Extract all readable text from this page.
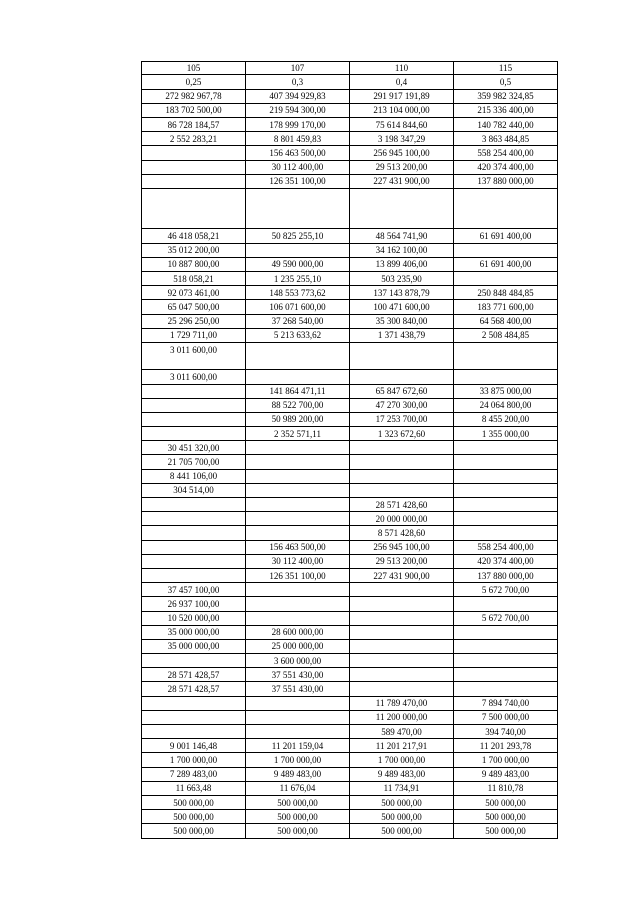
105	107	110	115
0,25	0,3	0,4	0,5
272 982 967,78	407 394 929,83	291 917 191,89	359 982 324,85
183 702 500,00	219 594 300,00	213 104 000,00	215 336 400,00
86 728 184,57	178 999 170,00	75 614 844,60	140 782 440,00
2 552 283,21	8 801 459,83	3 198 347,29	3 863 484,85
	156 463 500,00	256 945 100,00	558 254 400,00
	30 112 400,00	29 513 200,00	420 374 400,00
	126 351 100,00	227 431 900,00	137 880 000,00

46 418 058,21	50 825 255,10	48 564 741,90	61 691 400,00
35 012 200,00		34 162 100,00	
10 887 800,00	49 590 000,00	13 899 406,00	61 691 400,00
518 058,21	1 235 255,10	503 235,90	
92 073 461,00	148 553 773,62	137 143 878,79	250 848 484,85
65 047 500,00	106 071 600,00	100 471 600,00	183 771 600,00
25 296 250,00	37 268 540,00	35 300 840,00	64 568 400,00
1 729 711,00	5 213 633,62	1 371 438,79	2 508 484,85
3 011 600,00			

3 011 600,00			
	141 864 471,11	65 847 672,60	33 875 000,00
	88 522 700,00	47 270 300,00	24 064 800,00
	50 989 200,00	17 253 700,00	8 455 200,00
	2 352 571,11	1 323 672,60	1 355 000,00
30 451 320,00			
21 705 700,00			
8 441 106,00			
304 514,00			
		28 571 428,60	
		20 000 000,00	
		8 571 428,60	
	156 463 500,00	256 945 100,00	558 254 400,00
	30 112 400,00	29 513 200,00	420 374 400,00
	126 351 100,00	227 431 900,00	137 880 000,00
37 457 100,00			5 672 700,00
26 937 100,00			
10 520 000,00			5 672 700,00
35 000 000,00	28 600 000,00		
35 000 000,00	25 000 000,00		
	3 600 000,00		
28 571 428,57	37 551 430,00		
28 571 428,57	37 551 430,00		
		11 789 470,00	7 894 740,00
		11 200 000,00	7 500 000,00
		589 470,00	394 740,00
9 001 146,48	11 201 159,04	11 201 217,91	11 201 293,78
1 700 000,00	1 700 000,00	1 700 000,00	1 700 000,00
7 289 483,00	9 489 483,00	9 489 483,00	9 489 483,00
11 663,48	11 676,04	11 734,91	11 810,78
500 000,00	500 000,00	500 000,00	500 000,00
500 000,00	500 000,00	500 000,00	500 000,00
500 000,00	500 000,00	500 000,00	500 000,00
